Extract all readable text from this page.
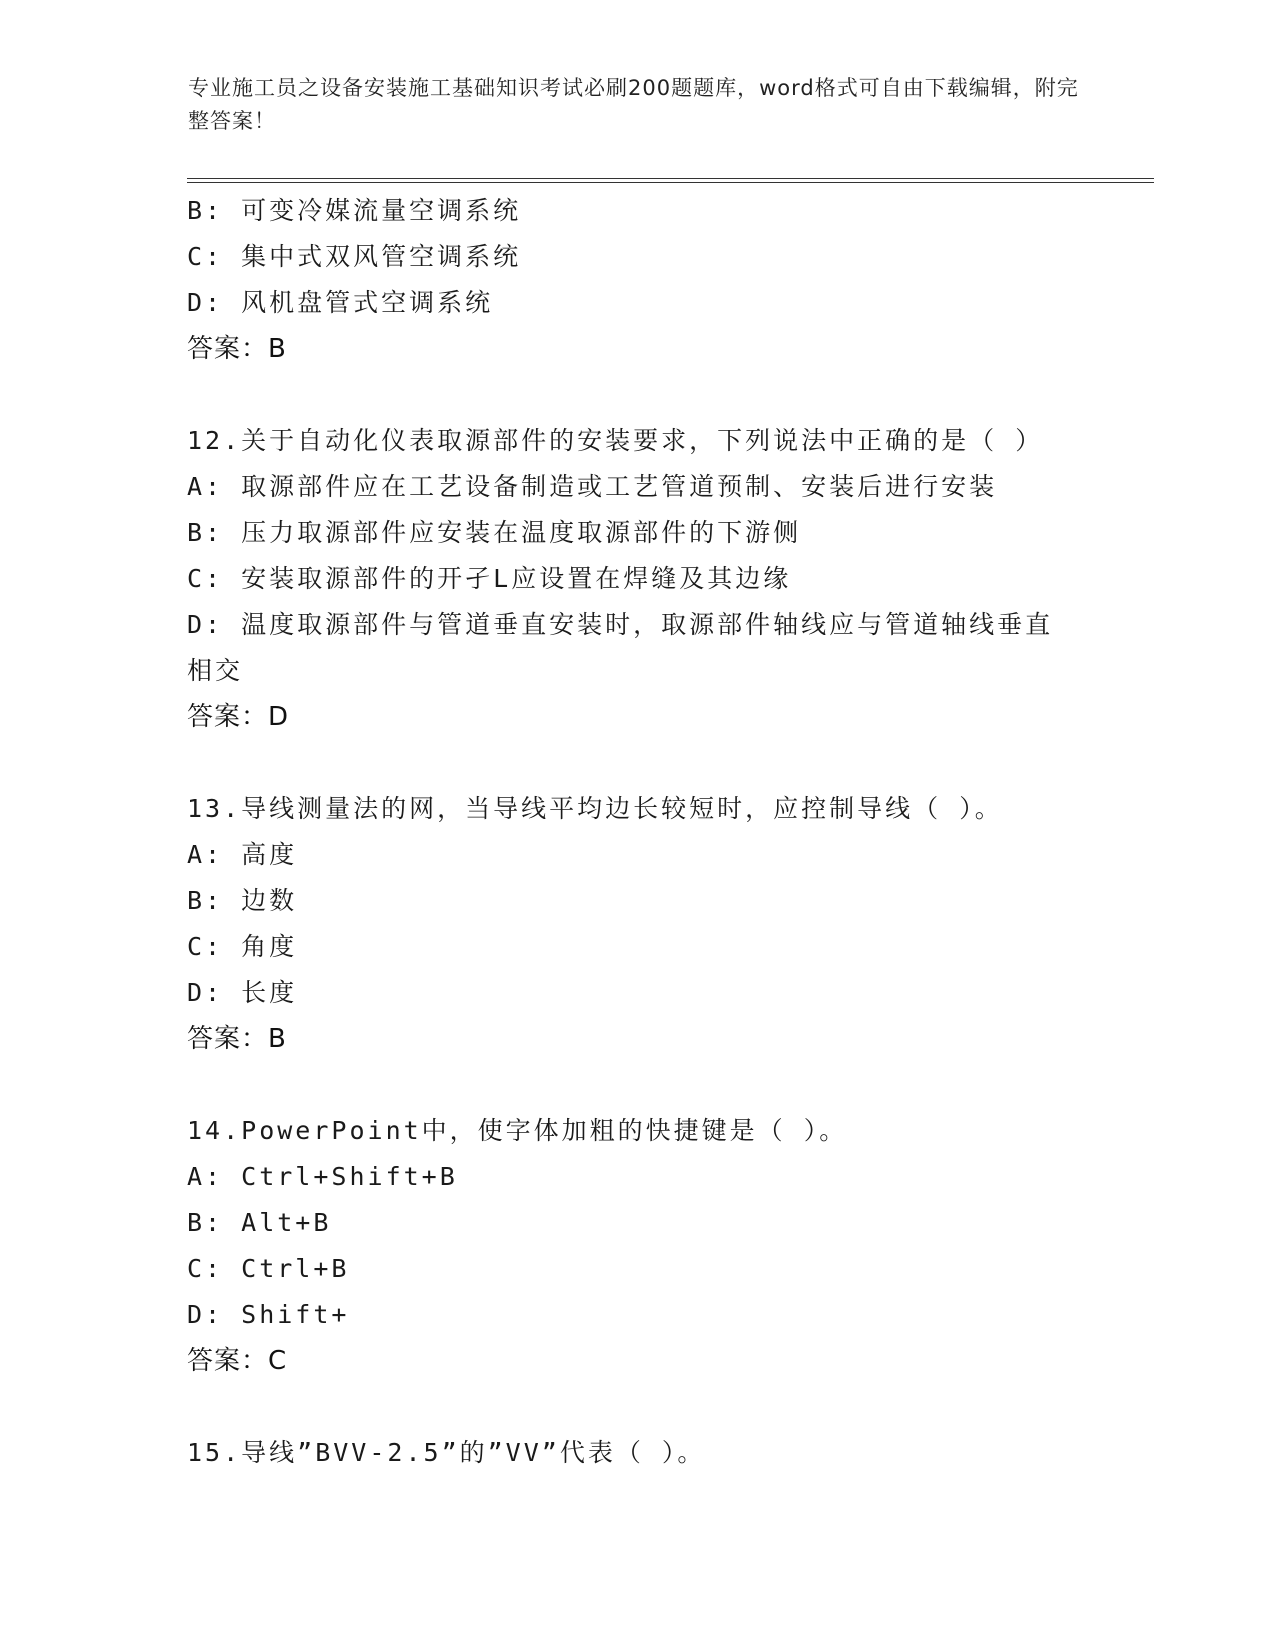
专业施工员之设备安装施工基础知识考试必刷200题题库，word格式可自由下载编辑，附完整答案！
B: 可变冷媒流量空调系统
C: 集中式双风管空调系统
D: 风机盘管式空调系统
答案：B
12.关于自动化仪表取源部件的安装要求，下列说法中正确的是（ ）
A: 取源部件应在工艺设备制造或工艺管道预制、安装后进行安装
B: 压力取源部件应安装在温度取源部件的下游侧
C: 安装取源部件的开孑L应设置在焊缝及其边缘
D: 温度取源部件与管道垂直安装时，取源部件轴线应与管道轴线垂直相交
答案：D
13.导线测量法的网，当导线平均边长较短时，应控制导线（ ）。
A: 高度
B: 边数
C: 角度
D: 长度
答案：B
14.PowerPoint中，使字体加粗的快捷键是（ ）。
A: Ctrl+Shift+B
B: Alt+B
C: Ctrl+B
D: Shift+
答案：C
15.导线”BVV-2.5”的”VV”代表（ ）。
